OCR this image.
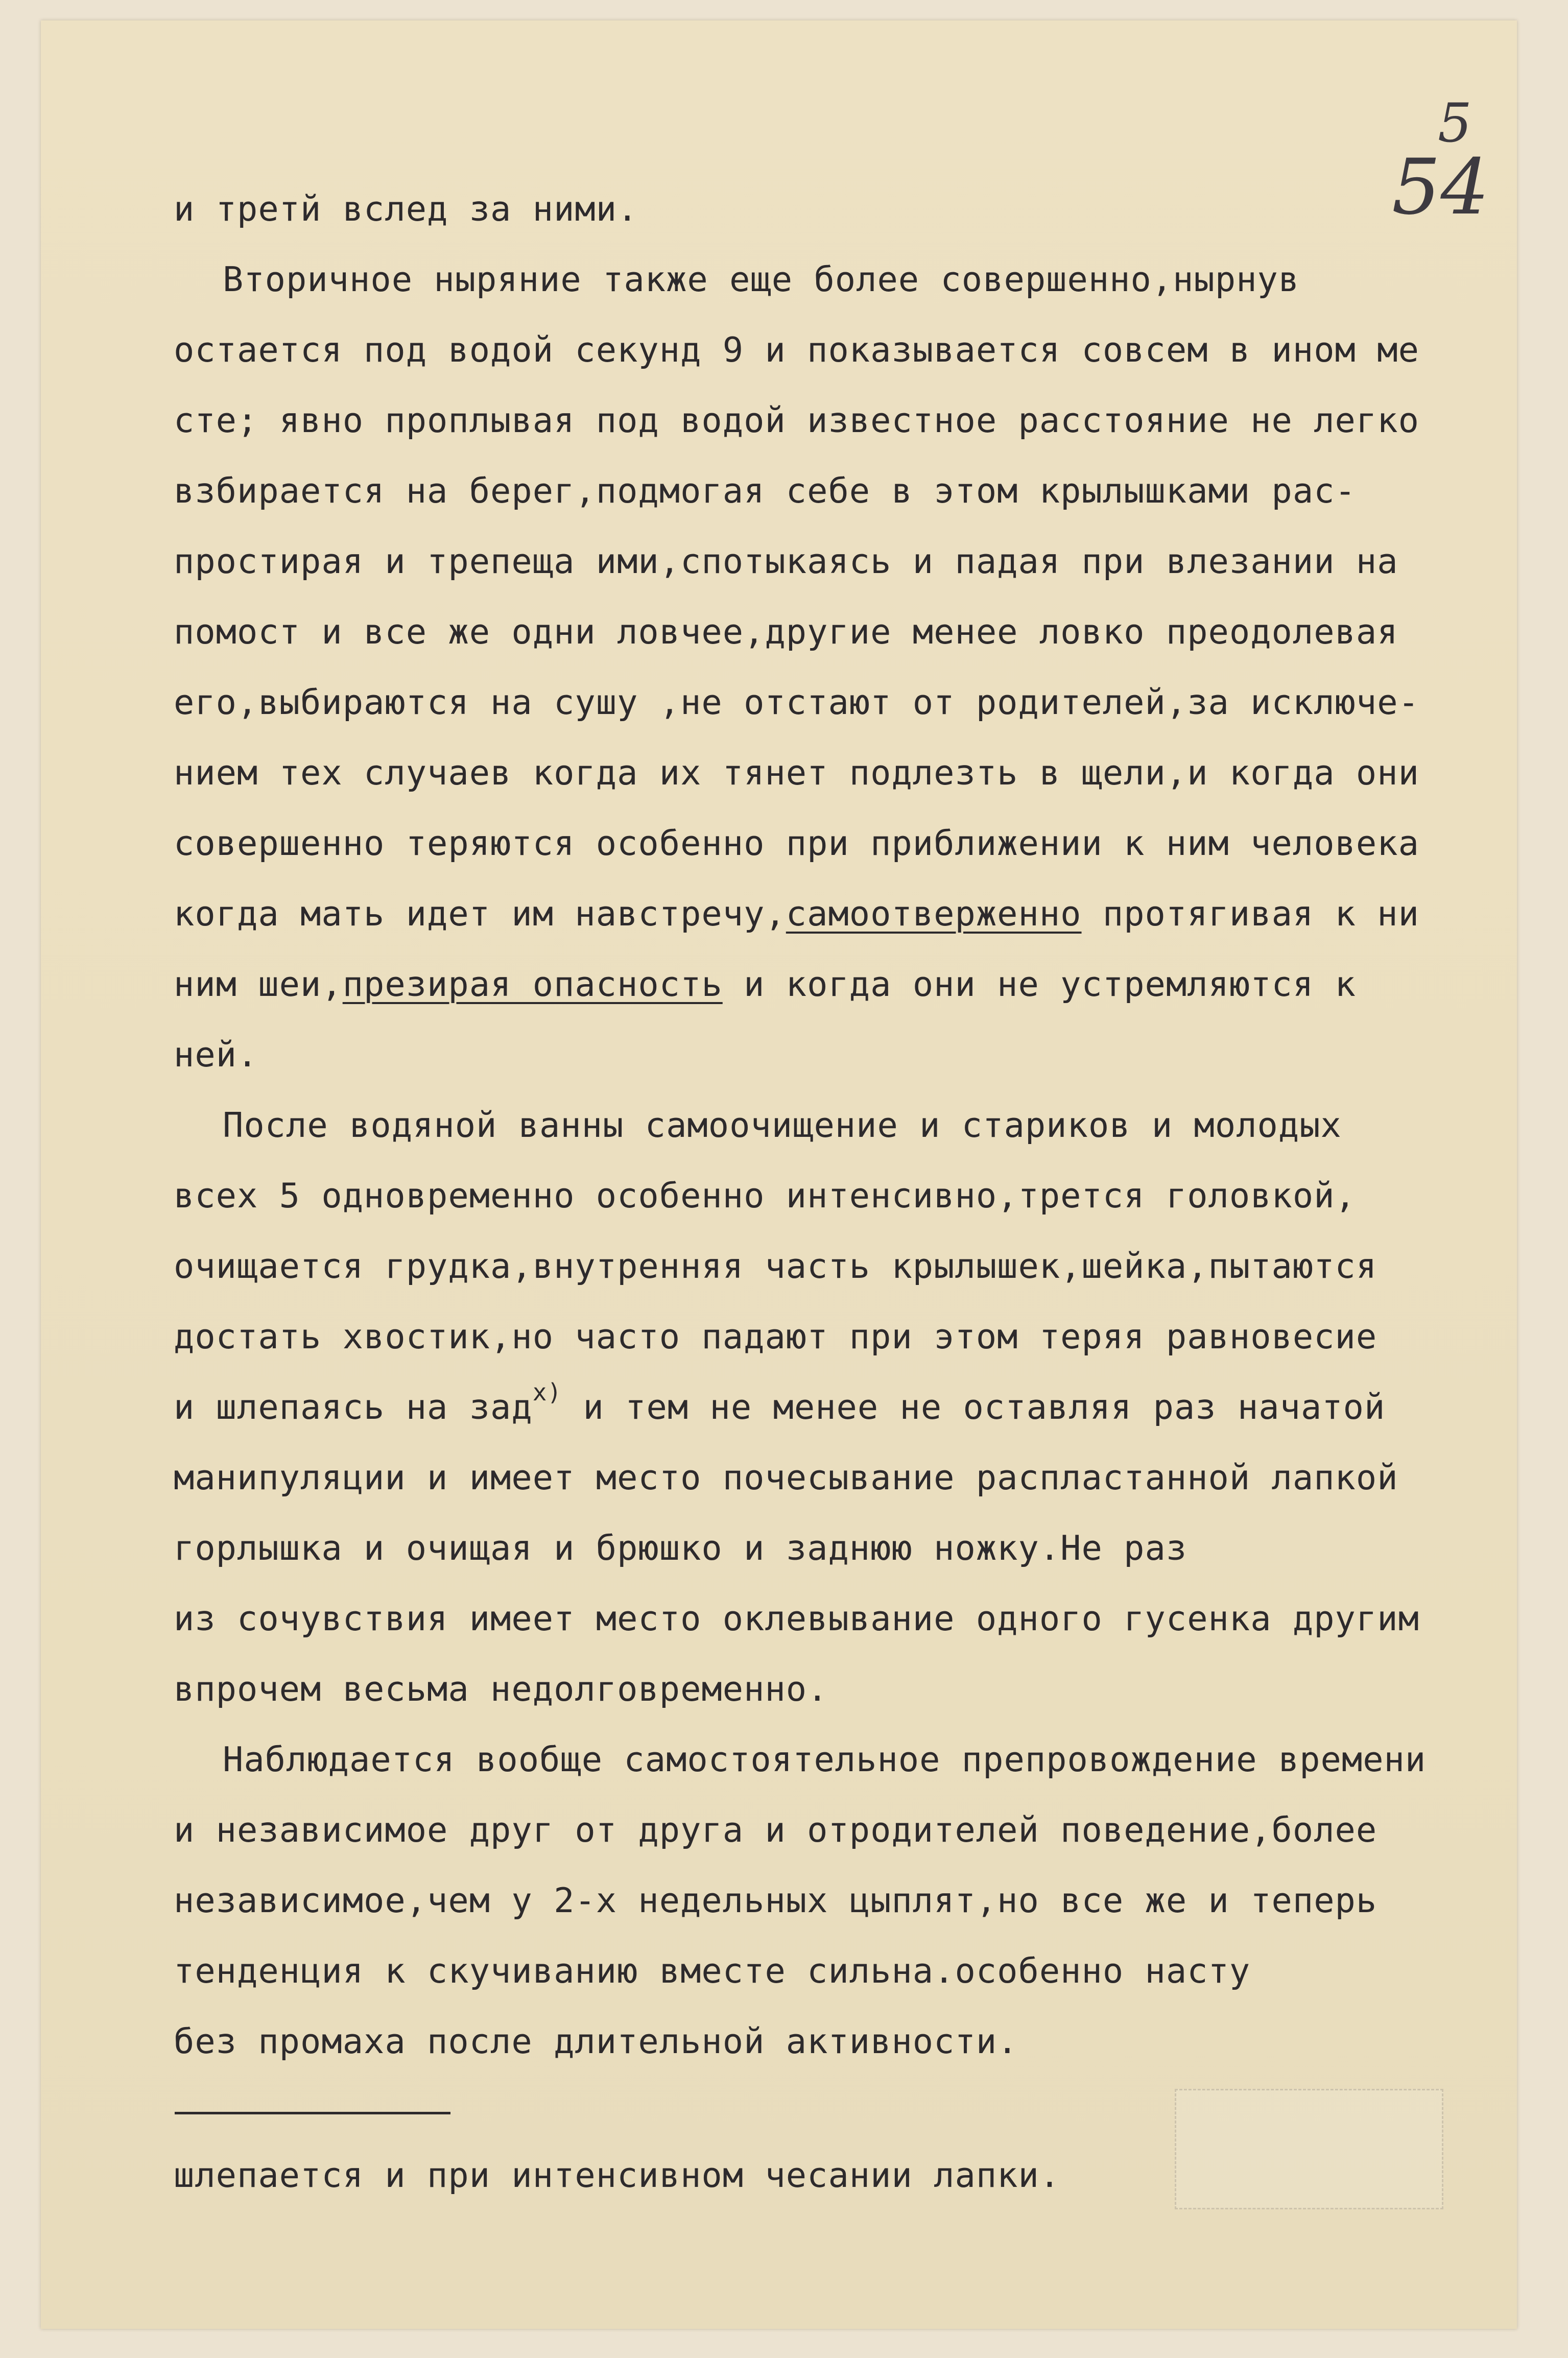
5
54
и третй вслед за ними.
Вторичное ныряние также еще более совершенно,нырнув
остается под водой секунд 9 и показывается совсем в ином ме
сте; явно проплывая под водой известное расстояние не легко
взбирается на берег,подмогая себе в этом крылышками рас-
простирая и трепеща ими,спотыкаясь и падая при влезании на
помост и все же одни ловчее,другие менее ловко преодолевая
его,выбираются на сушу ,не отстают от родителей,за исключе-
нием тех случаев когда их тянет подлезть в щели,и когда они
совершенно теряются особенно при приближении к ним человека
когда мать идет им навстречу,самоотверженно протягивая к ни
ним шеи,презирая опасность и когда они не устремляются к
ней.
После водяной ванны самоочищение и стариков и молодых
всех 5 одновременно особенно интенсивно,трется головкой,
очищается грудка,внутренняя часть крылышек,шейка,пытаются
достать хвостик,но часто падают при этом теряя равновесие
и шлепаясь на зад$^{x)}$ и тем не менее не оставляя раз начатой
манипуляции и имеет место почесывание распластанной лапкой
горлышка и очищая и брюшко и заднюю ножку.Не раз
из сочувствия имеет место оклевывание одного гусенка другим
впрочем весьма недолговременно.
Наблюдается вообще самостоятельное препровождение времени
и независимое друг от друга и отродителей поведение,более
независимое,чем у 2-х недельных цыплят,но все же и теперь
тенденция к скучиванию вместе сильна.особенно насту
без промаха после длительной активности.
шлепается и при интенсивном чесании лапки.
